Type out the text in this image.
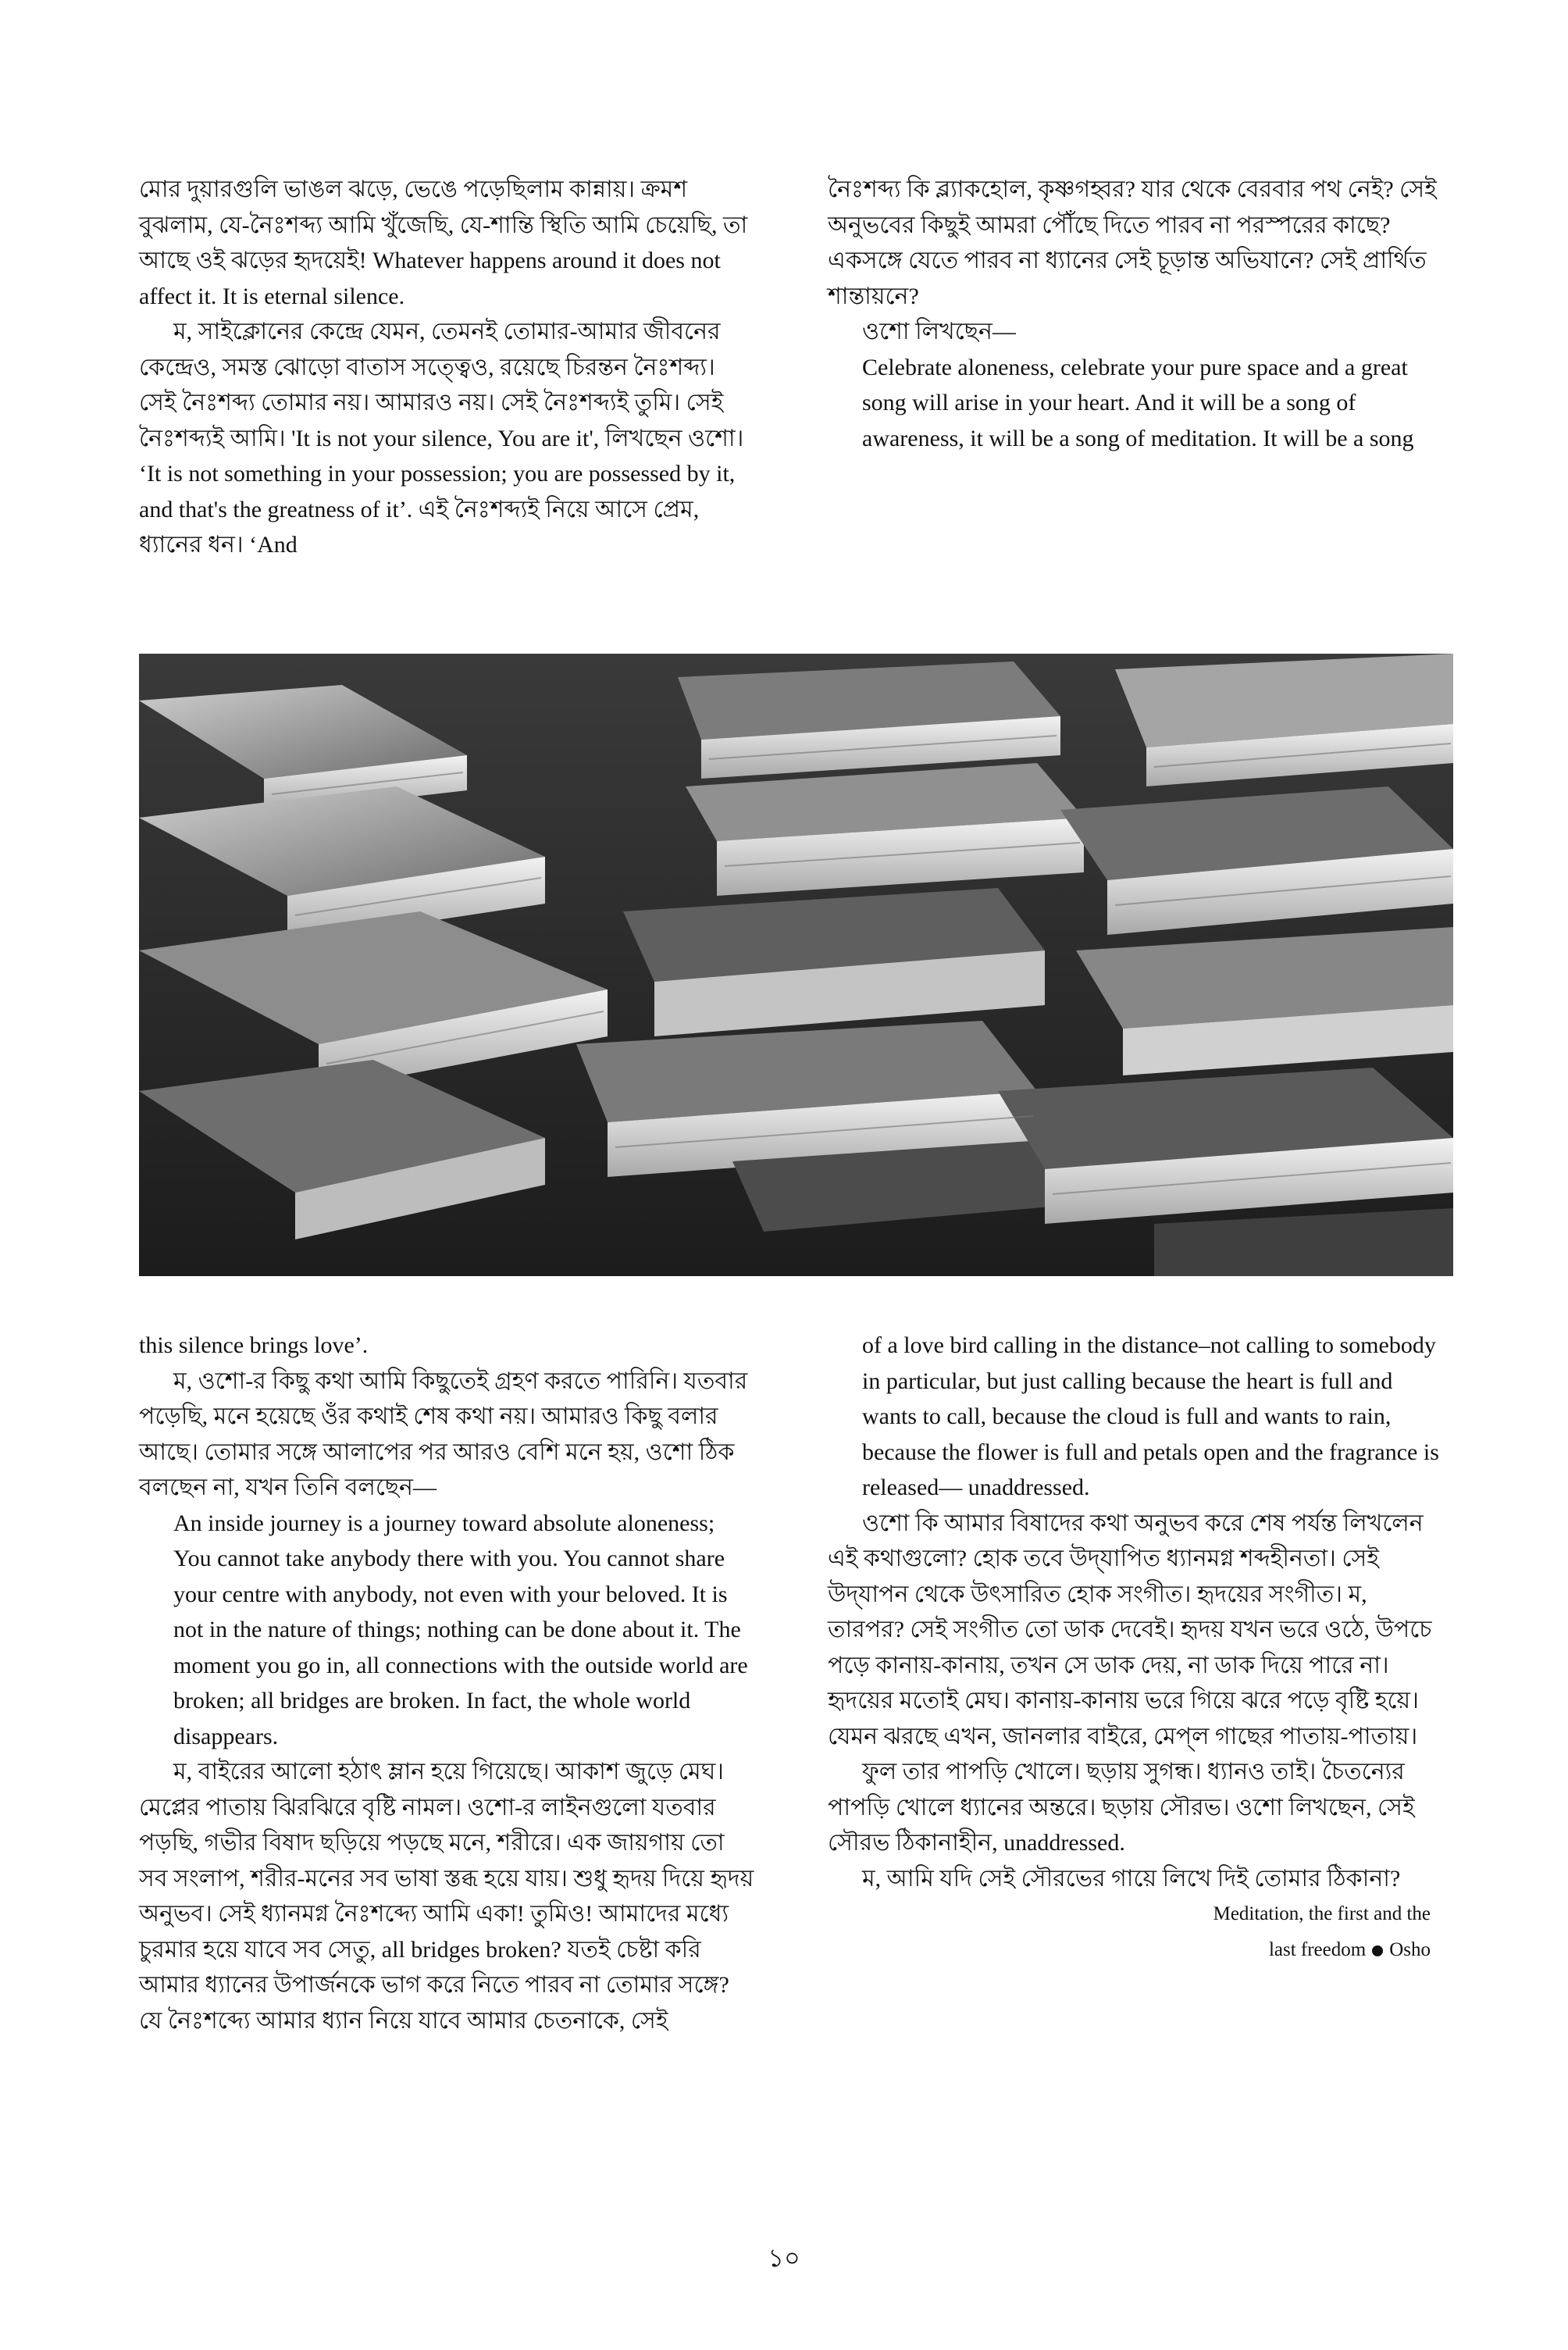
মোর দুয়ারগুলি ভাঙল ঝড়ে, ভেঙে পড়েছিলাম কান্নায়। ক্রমশ বুঝলাম, যে-নৈঃশব্দ্য আমি খুঁজেছি, যে-শান্তি স্থিতি আমি চেয়েছি, তা আছে ওই ঝড়ের হৃদয়েই! Whatever happens around it does not affect it. It is eternal silence.

ম, সাইক্লোনের কেন্দ্রে যেমন, তেমনই তোমার-আমার জীবনের কেন্দ্রেও, সমস্ত ঝোড়ো বাতাস সত্ত্বেও, রয়েছে চিরন্তন নৈঃশব্দ্য। সেই নৈঃশব্দ্য তোমার নয়। আমারও নয়। সেই নৈঃশব্দ্যই তুমি। সেই নৈঃশব্দ্যই আমি। 'It is not your silence, You are it', লিখছেন ওশো। ‘It is not something in your possession; you are possessed by it, and that's the greatness of it’. এই নৈঃশব্দ্যই নিয়ে আসে প্রেম, ধ্যানের ধন। ‘And

নৈঃশব্দ্য কি ব্ল্যাকহোল, কৃষ্ণগহ্বর? যার থেকে বেরবার পথ নেই? সেই অনুভবের কিছুই আমরা পৌঁছে দিতে পারব না পরস্পরের কাছে? একসঙ্গে যেতে পারব না ধ্যানের সেই চূড়ান্ত অভিযানে? সেই প্রার্থিত শান্তায়নে?

ওশো লিখছেন—

Celebrate aloneness, celebrate your pure space and a great song will arise in your heart. And it will be a song of awareness, it will be a song of meditation. It will be a song

this silence brings love’.

ম, ওশো-র কিছু কথা আমি কিছুতেই গ্রহণ করতে পারিনি। যতবার পড়েছি, মনে হয়েছে ওঁর কথাই শেষ কথা নয়। আমারও কিছু বলার আছে। তোমার সঙ্গে আলাপের পর আরও বেশি মনে হয়, ওশো ঠিক বলছেন না, যখন তিনি বলছেন—

An inside journey is a journey toward absolute aloneness; You cannot take anybody there with you. You cannot share your centre with anybody, not even with your beloved. It is not in the nature of things; nothing can be done about it. The moment you go in, all connections with the outside world are broken; all bridges are broken. In fact, the whole world disappears.

ম, বাইরের আলো হঠাৎ ম্লান হয়ে গিয়েছে। আকাশ জুড়ে মেঘ। মেপ্লের পাতায় ঝিরঝিরে বৃষ্টি নামল। ওশো-র লাইনগুলো যতবার পড়ছি, গভীর বিষাদ ছড়িয়ে পড়ছে মনে, শরীরে। এক জায়গায় তো সব সংলাপ, শরীর-মনের সব ভাষা স্তব্ধ হয়ে যায়। শুধু হৃদয় দিয়ে হৃদয় অনুভব। সেই ধ্যানমগ্ন নৈঃশব্দ্যে আমি একা! তুমিও! আমাদের মধ্যে চুরমার হয়ে যাবে সব সেতু, all bridges broken? যতই চেষ্টা করি আমার ধ্যানের উপার্জনকে ভাগ করে নিতে পারব না তোমার সঙ্গে? যে নৈঃশব্দ্যে আমার ধ্যান নিয়ে যাবে আমার চেতনাকে, সেই

of a love bird calling in the distance–not calling to somebody in particular, but just calling because the heart is full and wants to call, because the cloud is full and wants to rain, because the flower is full and petals open and the fragrance is released— unaddressed.

ওশো কি আমার বিষাদের কথা অনুভব করে শেষ পর্যন্ত লিখলেন এই কথাগুলো? হোক তবে উদ্‌যাপিত ধ্যানমগ্ন শব্দহীনতা। সেই উদ্‌যাপন থেকে উৎসারিত হোক সংগীত। হৃদয়ের সংগীত। ম, তারপর? সেই সংগীত তো ডাক দেবেই। হৃদয় যখন ভরে ওঠে, উপচে পড়ে কানায়-কানায়, তখন সে ডাক দেয়, না ডাক দিয়ে পারে না। হৃদয়ের মতোই মেঘ। কানায়-কানায় ভরে গিয়ে ঝরে পড়ে বৃষ্টি হয়ে। যেমন ঝরছে এখন, জানলার বাইরে, মেপ্‌ল গাছের পাতায়-পাতায়।

ফুল তার পাপড়ি খোলে। ছড়ায় সুগন্ধ। ধ্যানও তাই। চৈতন্যের পাপড়ি খোলে ধ্যানের অন্তরে। ছড়ায় সৌরভ। ওশো লিখছেন, সেই সৌরভ ঠিকানাহীন, unaddressed.

ম, আমি যদি সেই সৌরভের গায়ে লিখে দিই তোমার ঠিকানা?

Meditation, the first and the
last freedom Osho
১০
